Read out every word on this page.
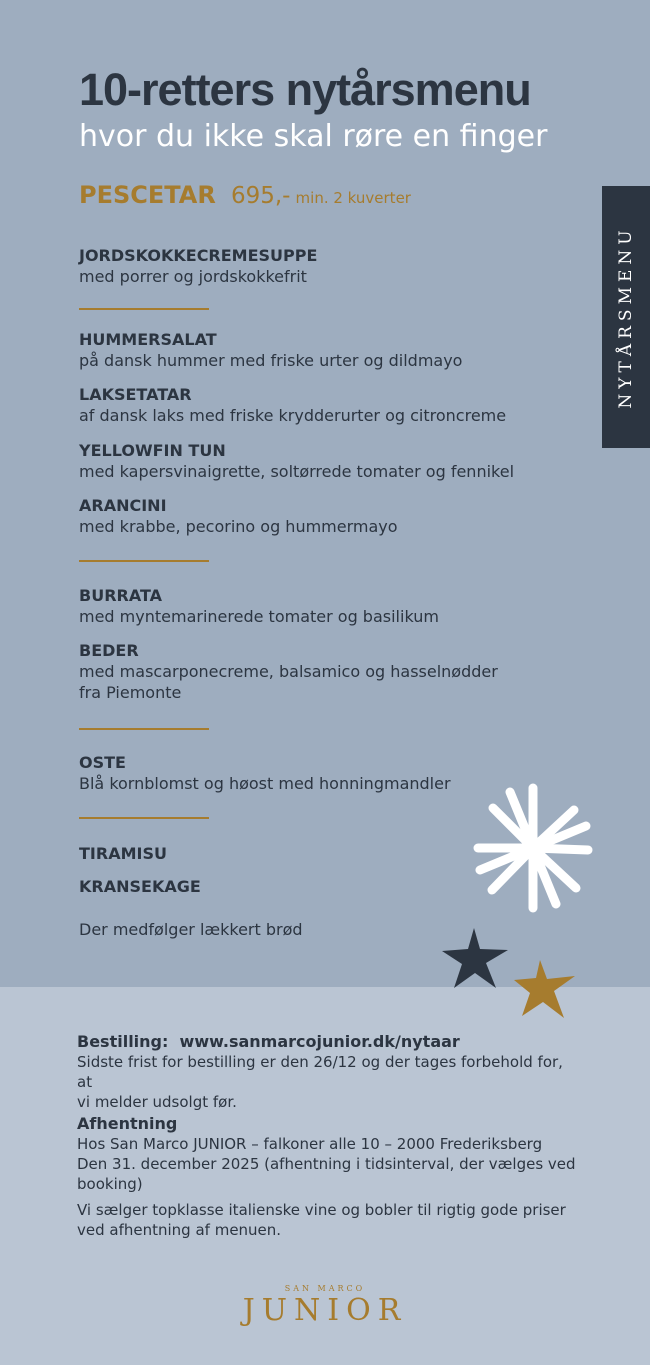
10-retters nytårsmenu
hvor du ikke skal røre en finger
PESCETAR 695,- min. 2 kuverter
NYTÅRSMENU
JORDSKOKKECREMESUPPE
med porrer og jordskokkefrit
HUMMERSALAT
på dansk hummer med friske urter og dildmayo
LAKSETATAR
af dansk laks med friske krydderurter og citroncreme
YELLOWFIN TUN
med kapersvinaigrette, soltørrede tomater og fennikel
ARANCINI
med krabbe, pecorino og hummermayo
BURRATA
med myntemarinerede tomater og basilikum
BEDER
med mascarponecreme, balsamico og hasselnødder
fra Piemonte
OSTE
Blå kornblomst og høost med honningmandler
TIRAMISU
KRANSEKAGE
Der medfølger lækkert brød
Bestilling: www.sanmarcojunior.dk/nytaar
Sidste frist for bestilling er den 26/12 og der tages forbehold for, at
vi melder udsolgt før.
Afhentning
Hos San Marco JUNIOR – falkoner alle 10 – 2000 Frederiksberg
Den 31. december 2025 (afhentning i tidsinterval, der vælges ved
booking)
Vi sælger topklasse italienske vine og bobler til rigtig gode priser
ved afhentning af menuen.
SAN MARCO
JUNIOR
